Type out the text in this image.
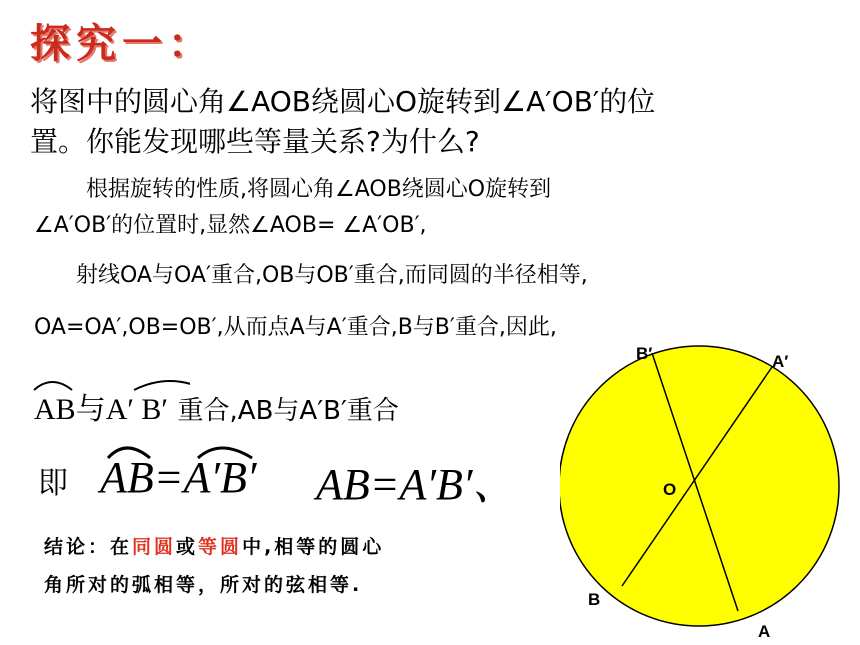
探究一：
将图中的圆心角∠AOB绕圆心O旋转到∠A′OB′的位
置。你能发现哪些等量关系?为什么?
根据旋转的性质,将圆心角∠AOB绕圆心O旋转到
∠A′OB′的位置时,显然∠AOB= ∠A′OB′,
射线OA与OA′重合,OB与OB′重合,而同圆的半径相等,
OA=OA′,OB=OB′,从而点A与A′重合,B与B′重合,因此,
AB与A′ B′ 重合,AB与A′B′重合
即 AB=A′B′ AB=A′B′、
结论：在同圆或等圆中,相等的圆心
角所对的弧相等，所对的弦相等.
B′	A′
O
B
A
